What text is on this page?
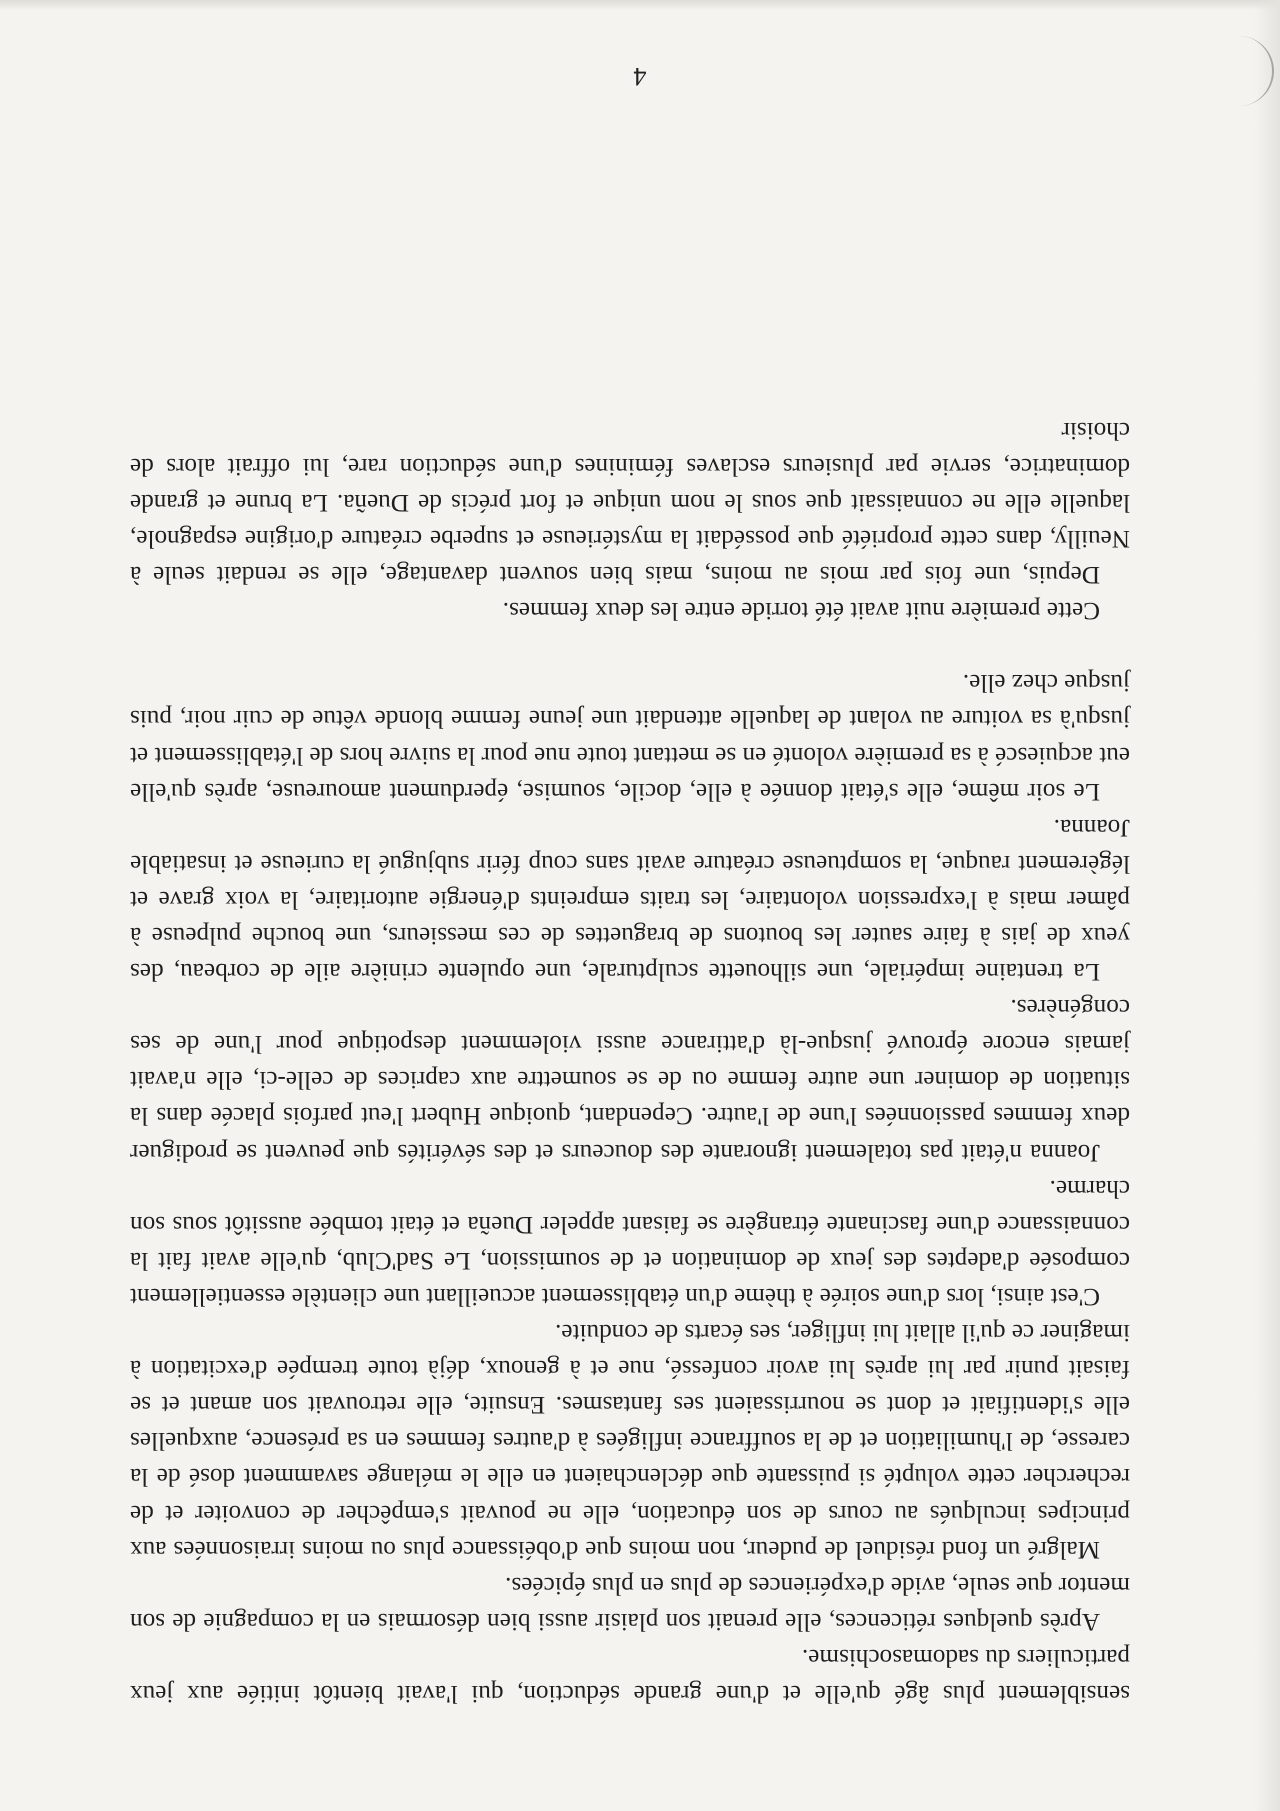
sensiblement plus âgé qu'elle et d'une grande séduction, qui l'avait bientôt initiée aux jeux particuliers du sadomasochisme.

Après quelques réticences, elle prenait son plaisir aussi bien désormais en la compagnie de son mentor que seule, avide d'expériences de plus en plus épicées.

Malgré un fond résiduel de pudeur, non moins que d'obéissance plus ou moins irraisonnées aux principes inculqués au cours de son éducation, elle ne pouvait s'empêcher de convoiter et de rechercher cette volupté si puissante que déclenchaient en elle le mélange savamment dosé de la caresse, de l'humiliation et de la souffrance infligées à d'autres femmes en sa présence, auxquelles elle s'identifiait et dont se nourrissaient ses fantasmes. Ensuite, elle retrouvait son amant et se faisait punir par lui après lui avoir confessé, nue et à genoux, déjà toute trempée d'excitation à imaginer ce qu'il allait lui infliger, ses écarts de conduite.

C'est ainsi, lors d'une soirée à thème d'un établissement accueillant une clientèle essentiellement composée d'adeptes des jeux de domination et de soumission, Le Sad'Club, qu'elle avait fait la connaissance d'une fascinante étrangère se faisant appeler Dueña et était tombée aussitôt sous son charme.

Joanna n'était pas totalement ignorante des douceurs et des sévérités que peuvent se prodiguer deux femmes passionnées l'une de l'autre. Cependant, quoique Hubert l'eut parfois placée dans la situation de dominer une autre femme ou de se soumettre aux caprices de celle-ci, elle n'avait jamais encore éprouvé jusque-là d'attirance aussi violemment despotique pour l'une de ses congénères.

La trentaine impériale, une silhouette sculpturale, une opulente crinière aile de corbeau, des yeux de jais à faire sauter les boutons de braguettes de ces messieurs, une bouche pulpeuse à pâmer mais à l'expression volontaire, les traits empreints d'énergie autoritaire, la voix grave et légèrement rauque, la somptueuse créature avait sans coup férir subjugué la curieuse et insatiable Joanna.

Le soir même, elle s'était donnée à elle, docile, soumise, éperdument amoureuse, après qu'elle eut acquiescé à sa première volonté en se mettant toute nue pour la suivre hors de l'établissement et jusqu'à sa voiture au volant de laquelle attendait une jeune femme blonde vêtue de cuir noir, puis jusque chez elle.

Cette première nuit avait été torride entre les deux femmes.

Depuis, une fois par mois au moins, mais bien souvent davantage, elle se rendait seule à Neuilly, dans cette propriété que possédait la mystérieuse et superbe créature d'origine espagnole, laquelle elle ne connaissait que sous le nom unique et fort précis de Dueña. La brune et grande dominatrice, servie par plusieurs esclaves féminines d'une séduction rare, lui offrait alors de choisir

4
